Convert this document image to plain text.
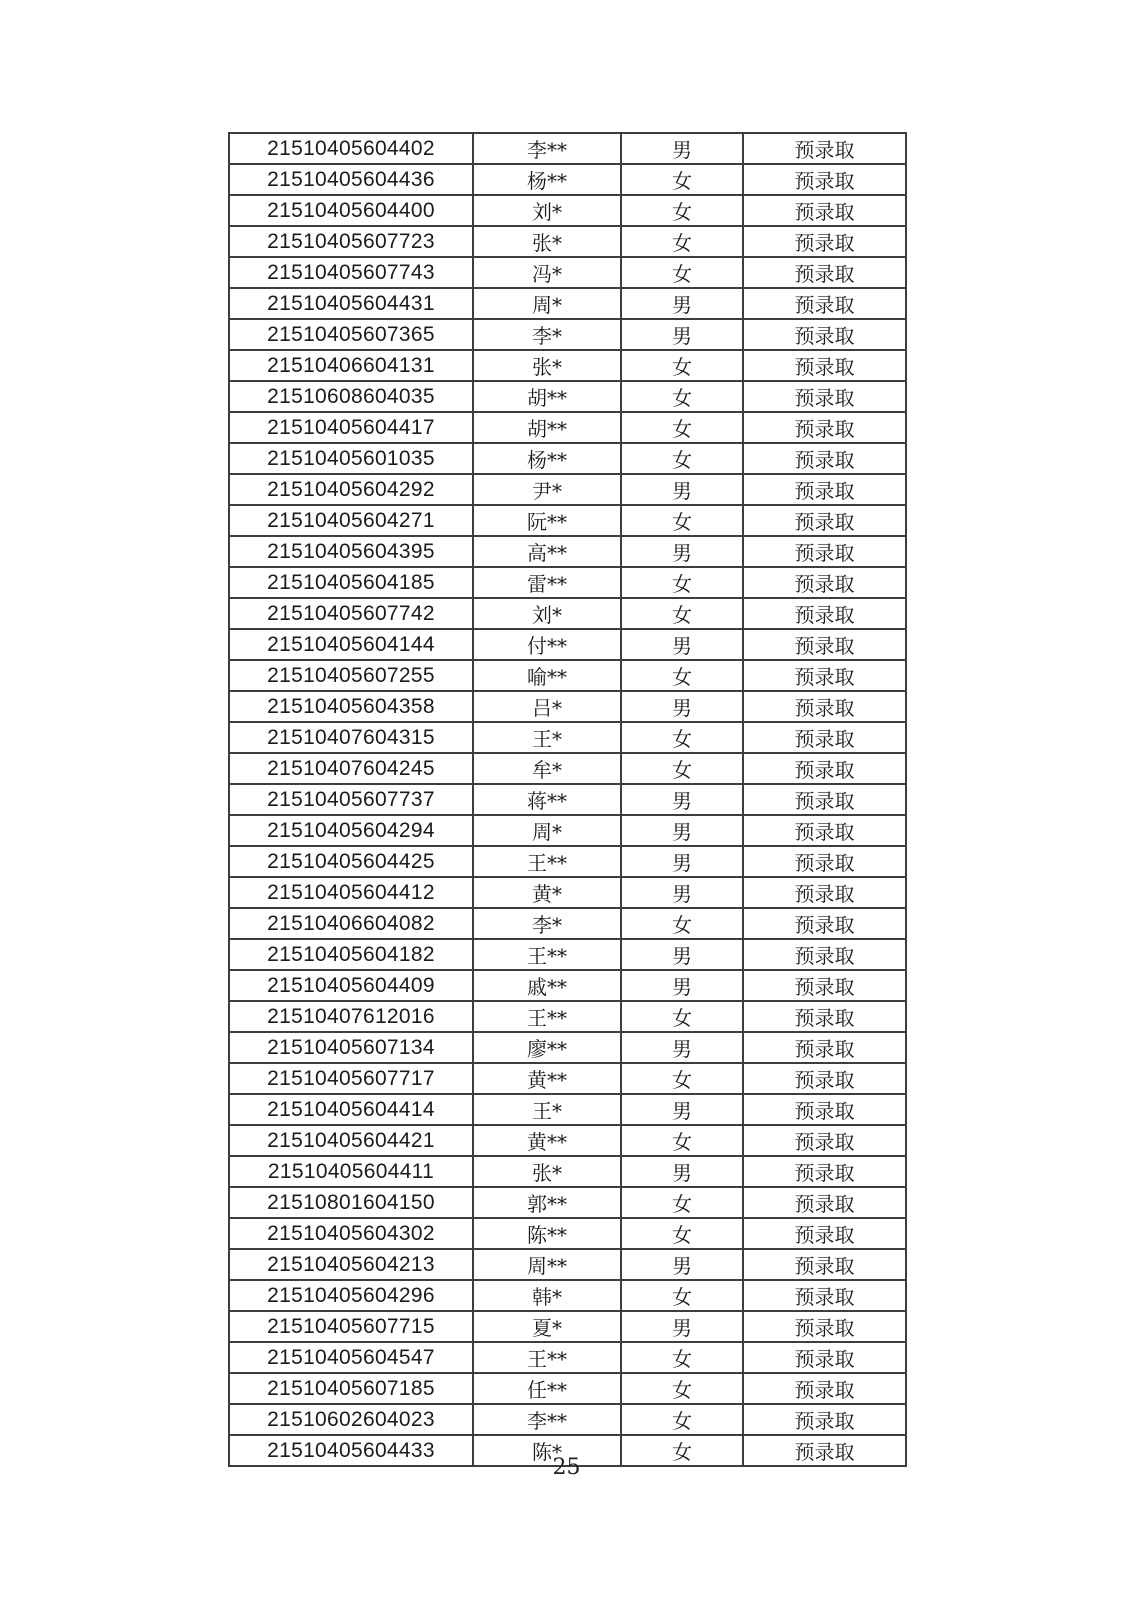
21510405604402	李**	男	预录取
21510405604436	杨**	女	预录取
21510405604400	刘*	女	预录取
21510405607723	张*	女	预录取
21510405607743	冯*	女	预录取
21510405604431	周*	男	预录取
21510405607365	李*	男	预录取
21510406604131	张*	女	预录取
21510608604035	胡**	女	预录取
21510405604417	胡**	女	预录取
21510405601035	杨**	女	预录取
21510405604292	尹*	男	预录取
21510405604271	阮**	女	预录取
21510405604395	高**	男	预录取
21510405604185	雷**	女	预录取
21510405607742	刘*	女	预录取
21510405604144	付**	男	预录取
21510405607255	喻**	女	预录取
21510405604358	吕*	男	预录取
21510407604315	王*	女	预录取
21510407604245	牟*	女	预录取
21510405607737	蒋**	男	预录取
21510405604294	周*	男	预录取
21510405604425	王**	男	预录取
21510405604412	黄*	男	预录取
21510406604082	李*	女	预录取
21510405604182	王**	男	预录取
21510405604409	戚**	男	预录取
21510407612016	王**	女	预录取
21510405607134	廖**	男	预录取
21510405607717	黄**	女	预录取
21510405604414	王*	男	预录取
21510405604421	黄**	女	预录取
21510405604411	张*	男	预录取
21510801604150	郭**	女	预录取
21510405604302	陈**	女	预录取
21510405604213	周**	男	预录取
21510405604296	韩*	女	预录取
21510405607715	夏*	男	预录取
21510405604547	王**	女	预录取
21510405607185	任**	女	预录取
21510602604023	李**	女	预录取
21510405604433	陈*	女	预录取
25
